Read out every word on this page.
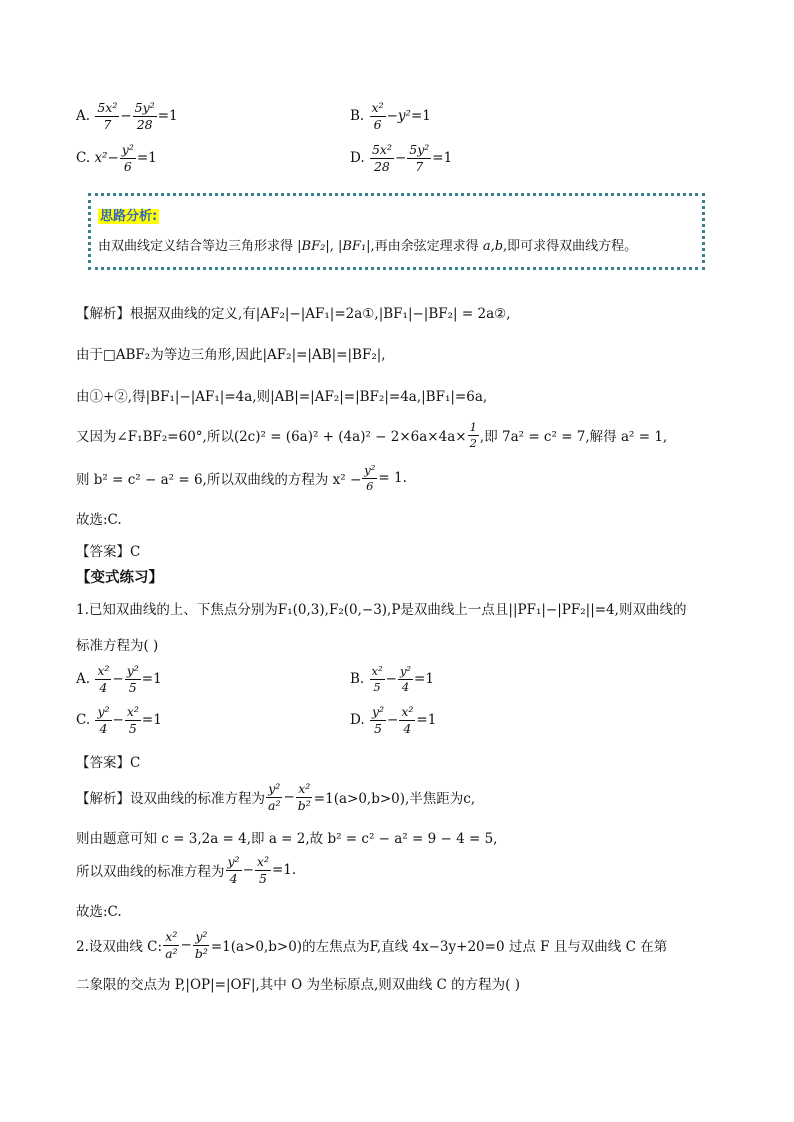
A.
$\frac{\text{5x²}}{7} - \frac{\text{5y²}}{28} =1$	B.
$\frac{\text{x²}}{6} - y^2 =1$
C.
$x^2 - \frac{\text{y²}}{6} =1$	D.
$\frac{\text{5x²}}{28} - \frac{\text{5y²}}{7} =1$
思路分析:
由双曲线定义结合等边三角形求得 |BF₂|, |BF₁|,再由余弦定理求得 a,b,即可求得双曲线方程。
【解析】根据双曲线的定义,有|AF₂|−|AF₁|=2a①,|BF₁|−|BF₂| = 2a②,
由于□ABF₂为等边三角形,因此|AF₂|=|AB|=|BF₂|,
由①+②,得|BF₁|−|AF₁|=4a,则|AB|=|AF₂|=|BF₂|=4a,|BF₁|=6a,
又因为∠F₁BF₂=60°,所以$(2c)^2 = (6a)^2 + (4a)^2 - 2\times 6a\times 4a\times \frac{1}{2}$ ,即 7a² = c² = 7,解得 a² = 1,
则 b² = c² − a² = 6,所以双曲线的方程为 $x^2 - \frac{\text{y²}}{6} = 1$.
故选:C.
【答案】C
【变式练习】
1.已知双曲线的上、下焦点分别为F₁(0,3),F₂(0,−3),P是双曲线上一点且||PF₁|−|PF₂||=4,则双曲线的
标准方程为( )
A.
$\frac{\text{x²}}{4} - \frac{\text{y²}}{5} =1$	B.
$\frac{\text{x²}}{5} - \frac{\text{y²}}{4} =1$
C.
$\frac{\text{y²}}{4} - \frac{\text{x²}}{5} =1$	D.
$\frac{\text{y²}}{5} - \frac{\text{x²}}{4} =1$
【答案】C
【解析】设双曲线的标准方程为 $\frac{\text{y²}}{\text{a²}} - \frac{\text{x²}}{\text{b²}} =1(a>0,b>0)$,半焦距为c,
则由题意可知 c = 3,2a = 4,即 a = 2,故 b² = c² − a² = 9 − 4 = 5,
所以双曲线的标准方程为 $\frac{\text{y²}}{4} - \frac{\text{x²}}{5} =1$.
故选:C.
2.设双曲线 C: $\frac{\text{x²}}{\text{a²}} - \frac{\text{y²}}{\text{b²}} =1(a>0,b>0)$的左焦点为F,直线 4x−3y+20=0 过点 F 且与双曲线 C 在第
二象限的交点为 P,|OP|=|OF|,其中 O 为坐标原点,则双曲线 C 的方程为( )
